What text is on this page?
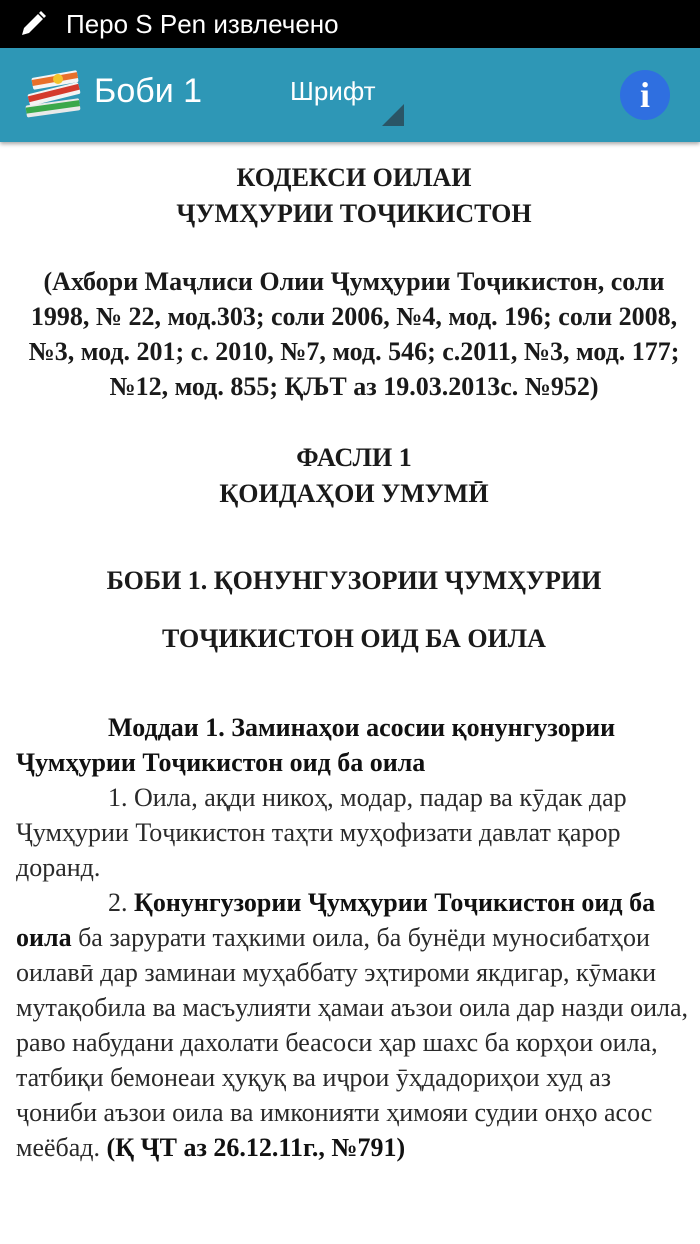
Перо S Pen извлечено
Боби 1	Шрифт	i
КОДЕКСИ ОИЛАИ
ҶУМҲУРИИ ТОҶИКИСТОН
(Ахбори Маҷлиси Олии Ҷумҳурии Тоҷикистон, соли 1998, № 22, мод.303; соли 2006, №4, мод. 196; соли 2008, №3, мод. 201; с. 2010, №7, мод. 546; с.2011, №3, мод. 177; №12, мод. 855; ҚЉТ аз 19.03.2013с. №952)
ФАСЛИ 1
ҚОИДАҲОИ УМУМӢ
БОБИ 1. ҚОНУНГУЗОРИИ ҶУМҲУРИИ
ТОҶИКИСТОН ОИД БА ОИЛА
Моддаи 1. Заминаҳои асосии қонунгузории Ҷумҳурии Тоҷикистон оид ба оила
1. Оила, ақди никоҳ, модар, падар ва кӯдак дар Ҷумҳурии Тоҷикистон таҳти муҳофизати давлат қарор доранд.
2. Қонунгузории Ҷумҳурии Тоҷикистон оид ба оила ба зарурати таҳкими оила, ба бунёди муносибатҳои оилавӣ дар заминаи муҳаббату эҳтироми якдигар, кӯмаки мутақобила ва масъулияти ҳамаи аъзои оила дар назди оила, раво набудани дахолати беасоси ҳар шахс ба корҳои оила, татбиқи бемонеаи ҳуқуқ ва иҷрои ӯҳдадориҳои худ аз ҷониби аъзои оила ва имконияти ҳимояи судии онҳо асос меёбад. (Қ ҶТ аз 26.12.11г., №791)
